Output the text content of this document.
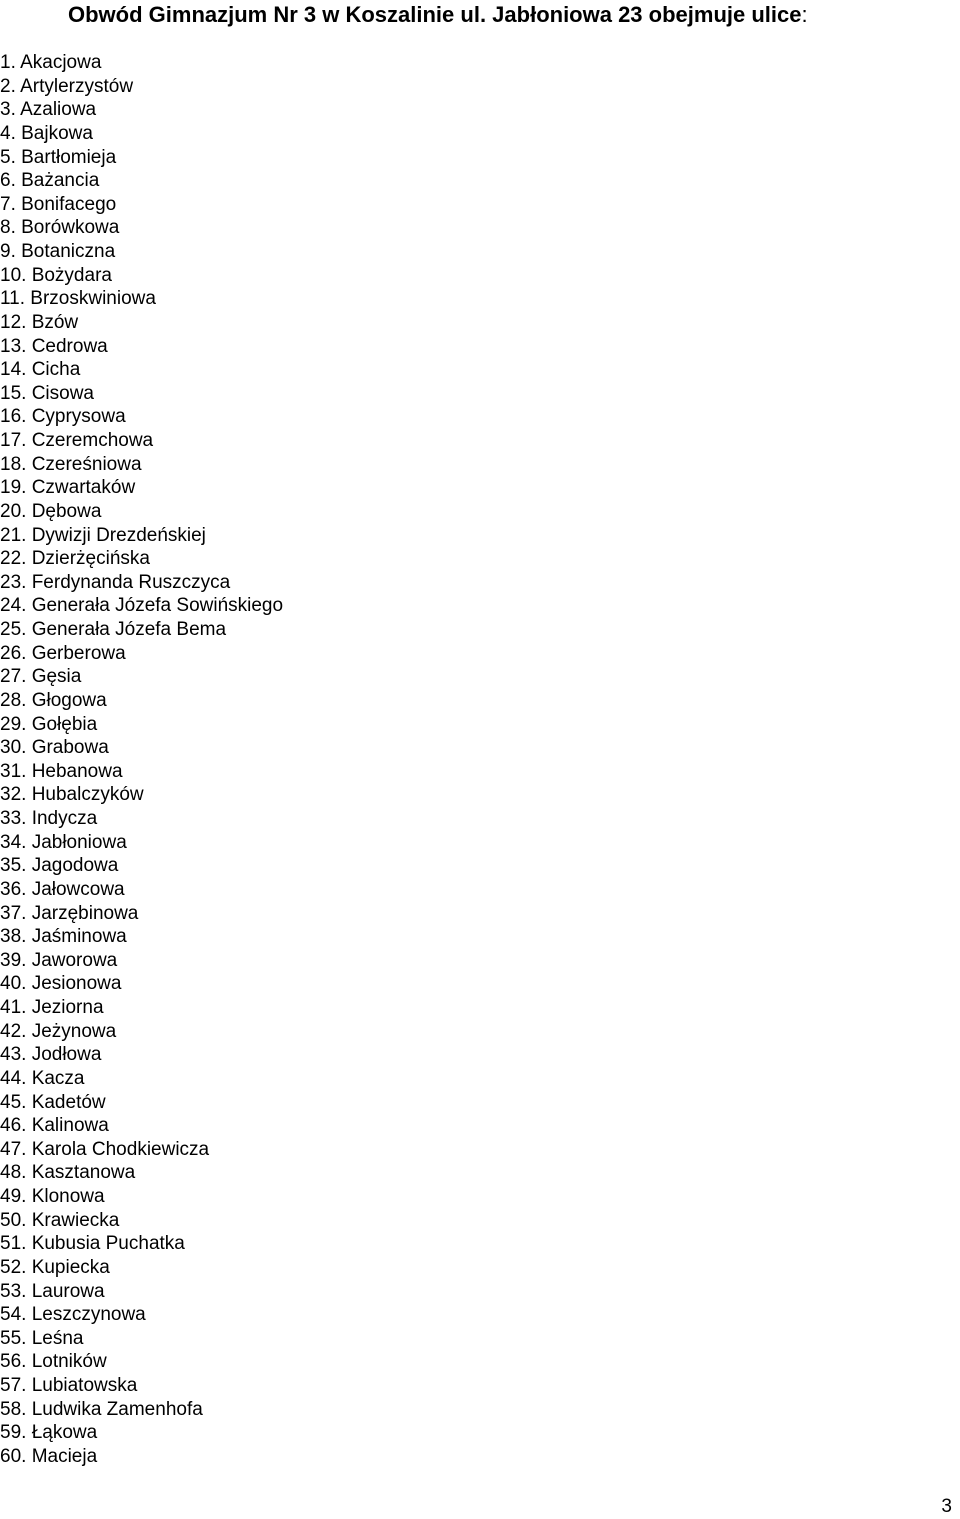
Obwód Gimnazjum Nr 3 w Koszalinie ul. Jabłoniowa 23 obejmuje ulice:
1. Akacjowa
2. Artylerzystów
3. Azaliowa
4. Bajkowa
5. Bartłomieja
6. Bażancia
7. Bonifacego
8. Borówkowa
9. Botaniczna
10. Bożydara
11. Brzoskwiniowa
12. Bzów
13. Cedrowa
14. Cicha
15. Cisowa
16. Cyprysowa
17. Czeremchowa
18. Czereśniowa
19. Czwartaków
20. Dębowa
21. Dywizji Drezdeńskiej
22. Dzierżęcińska
23. Ferdynanda Ruszczyca
24. Generała Józefa Sowińskiego
25. Generała Józefa Bema
26. Gerberowa
27. Gęsia
28. Głogowa
29. Gołębia
30. Grabowa
31. Hebanowa
32. Hubalczyków
33. Indycza
34. Jabłoniowa
35. Jagodowa
36. Jałowcowa
37. Jarzębinowa
38. Jaśminowa
39. Jaworowa
40. Jesionowa
41. Jeziorna
42. Jeżynowa
43. Jodłowa
44. Kacza
45. Kadetów
46. Kalinowa
47. Karola Chodkiewicza
48. Kasztanowa
49. Klonowa
50. Krawiecka
51. Kubusia Puchatka
52. Kupiecka
53. Laurowa
54. Leszczynowa
55. Leśna
56. Lotników
57. Lubiatowska
58. Ludwika Zamenhofa
59. Łąkowa
60. Macieja
3
